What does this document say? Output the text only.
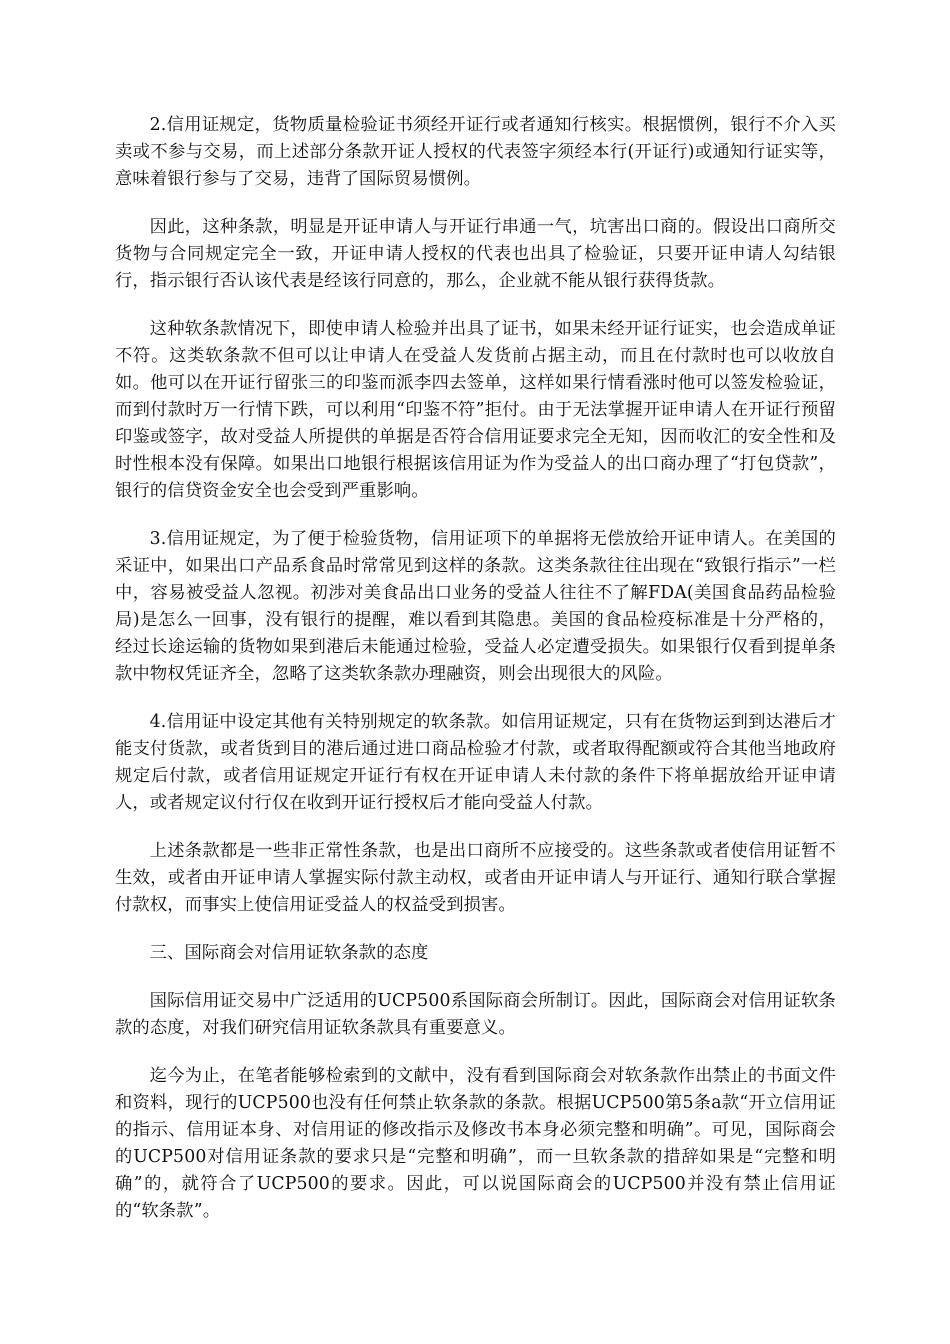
2.信用证规定，货物质量检验证书须经开证行或者通知行核实。根据惯例，银行不介入买卖或不参与交易，而上述部分条款开证人授权的代表签字须经本行(开证行)或通知行证实等，意味着银行参与了交易，违背了国际贸易惯例。

因此，这种条款，明显是开证申请人与开证行串通一气，坑害出口商的。假设出口商所交货物与合同规定完全一致，开证申请人授权的代表也出具了检验证，只要开证申请人勾结银行，指示银行否认该代表是经该行同意的，那么，企业就不能从银行获得货款。

这种软条款情况下，即使申请人检验并出具了证书，如果未经开证行证实，也会造成单证不符。这类软条款不但可以让申请人在受益人发货前占据主动，而且在付款时也可以收放自如。他可以在开证行留张三的印鉴而派李四去签单，这样如果行情看涨时他可以签发检验证，而到付款时万一行情下跌，可以利用“印鉴不符”拒付。由于无法掌握开证申请人在开证行预留印鉴或签字，故对受益人所提供的单据是否符合信用证要求完全无知，因而收汇的安全性和及时性根本没有保障。如果出口地银行根据该信用证为作为受益人的出口商办理了“打包贷款”，银行的信贷资金安全也会受到严重影响。

3.信用证规定，为了便于检验货物，信用证项下的单据将无偿放给开证申请人。在美国的采证中，如果出口产品系食品时常常见到这样的条款。这类条款往往出现在“致银行指示”一栏中，容易被受益人忽视。初涉对美食品出口业务的受益人往往不了解FDA(美国食品药品检验局)是怎么一回事，没有银行的提醒，难以看到其隐患。美国的食品检疫标准是十分严格的，经过长途运输的货物如果到港后未能通过检验，受益人必定遭受损失。如果银行仅看到提单条款中物权凭证齐全，忽略了这类软条款办理融资，则会出现很大的风险。

4.信用证中设定其他有关特别规定的软条款。如信用证规定，只有在货物运到到达港后才能支付货款，或者货到目的港后通过进口商品检验才付款，或者取得配额或符合其他当地政府规定后付款，或者信用证规定开证行有权在开证申请人未付款的条件下将单据放给开证申请人，或者规定议付行仅在收到开证行授权后才能向受益人付款。

上述条款都是一些非正常性条款，也是出口商所不应接受的。这些条款或者使信用证暂不生效，或者由开证申请人掌握实际付款主动权，或者由开证申请人与开证行、通知行联合掌握付款权，而事实上使信用证受益人的权益受到损害。

三、国际商会对信用证软条款的态度

国际信用证交易中广泛适用的UCP500系国际商会所制订。因此，国际商会对信用证软条款的态度，对我们研究信用证软条款具有重要意义。

迄今为止，在笔者能够检索到的文献中，没有看到国际商会对软条款作出禁止的书面文件和资料，现行的UCP500也没有任何禁止软条款的条款。根据UCP500第5条a款“开立信用证的指示、信用证本身、对信用证的修改指示及修改书本身必须完整和明确”。可见，国际商会的UCP500对信用证条款的要求只是“完整和明确”，而一旦软条款的措辞如果是“完整和明确”的，就符合了UCP500的要求。因此，可以说国际商会的UCP500并没有禁止信用证的“软条款”。
